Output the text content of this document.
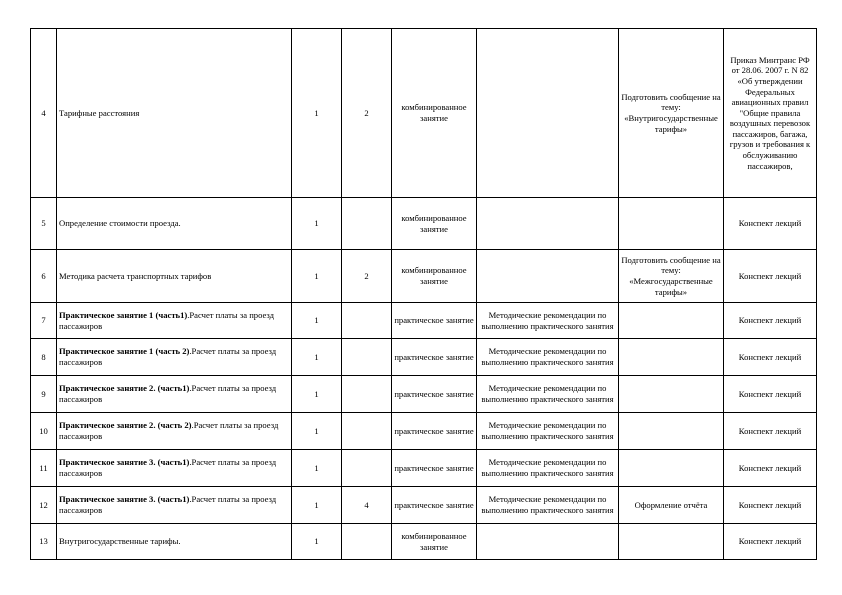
4	Тарифные расстояния	1	2	комбинированное занятие		Подготовить сообщение на тему: «Внутригосударственные тарифы»	Приказ Минтранс РФ от 28.06. 2007 г. N 82 «Об утверждении Федеральных авиационных правил "Общие правила воздушных перевозок пассажиров, багажа, грузов и требования к обслуживанию пассажиров,
5	Определение стоимости проезда.	1		комбинированное занятие			Конспект лекций
6	Методика расчета транспортных тарифов	1	2	комбинированное занятие		Подготовить сообщение на тему: «Межгосударственные тарифы»	Конспект лекций
7	Практическое занятие 1 (часть1).Расчет платы за проезд пассажиров	1		практическое занятие	Методические рекомендации по выполнению практического занятия		Конспект лекций
8	Практическое занятие 1 (часть 2).Расчет платы за проезд пассажиров	1		практическое занятие	Методические рекомендации по выполнению практического занятия		Конспект лекций
9	Практическое занятие 2. (часть1).Расчет платы за проезд пассажиров	1		практическое занятие	Методические рекомендации по выполнению практического занятия		Конспект лекций
10	Практическое занятие 2. (часть 2).Расчет платы за проезд пассажиров	1		практическое занятие	Методические рекомендации по выполнению практического занятия		Конспект лекций
11	Практическое занятие 3. (часть1).Расчет платы за проезд пассажиров	1		практическое занятие	Методические рекомендации по выполнению практического занятия		Конспект лекций
12	Практическое занятие 3. (часть1).Расчет платы за проезд пассажиров	1	4	практическое занятие	Методические рекомендации по выполнению практического занятия	Оформление отчёта	Конспект лекций
13	Внутригосударственные тарифы.	1		комбинированное занятие			Конспект лекций
